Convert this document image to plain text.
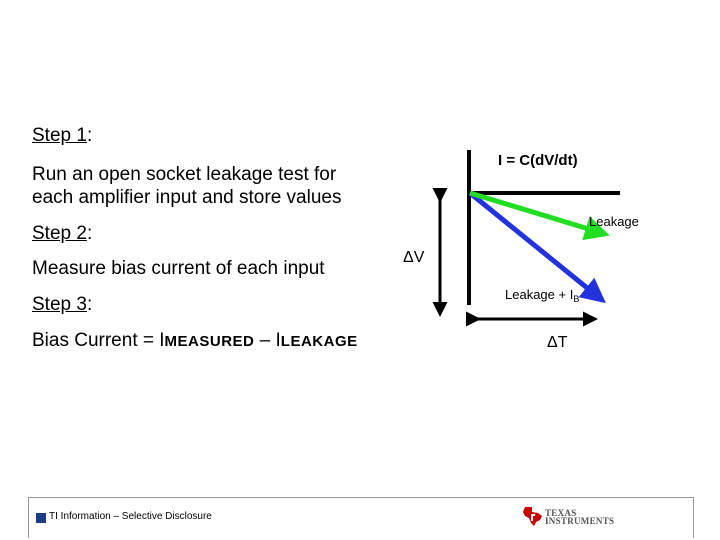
Step 1:
Run an open socket leakage test for
each amplifier input and store values
Step 2:
Measure bias current of each input
Step 3:
Bias Current = IMEASURED – ILEAKAGE
I = C(dV/dt)
Leakage
ΔV
Leakage + $I_B$
ΔT
TI Information – Selective Disclosure	TEXAS
INSTRUMENTS
